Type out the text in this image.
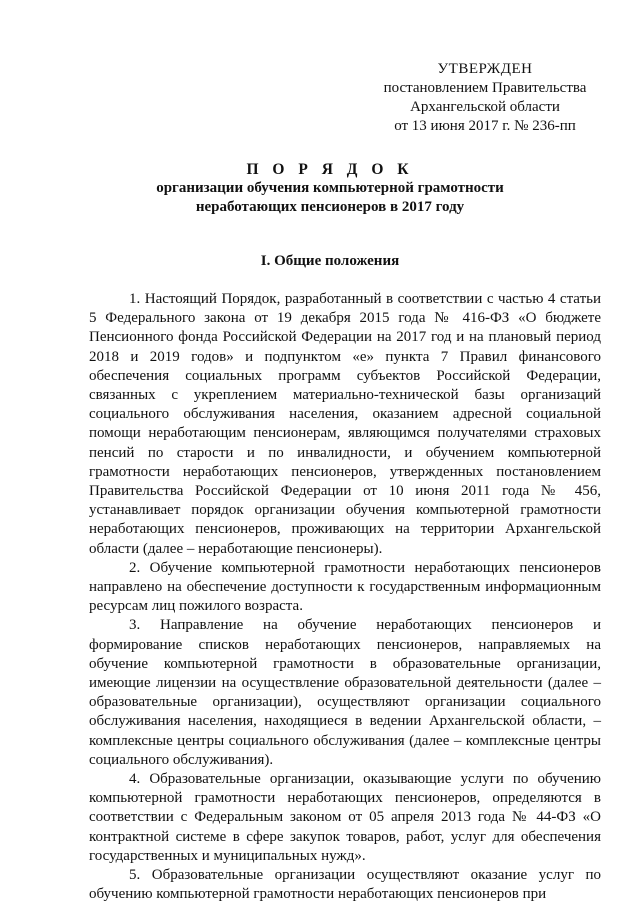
УТВЕРЖДЕН
постановлением Правительства
Архангельской области
от 13 июня 2017 г. № 236-пп
П О Р Я Д О К
организации обучения компьютерной грамотности
неработающих пенсионеров в 2017 году
I. Общие положения

1. Настоящий Порядок, разработанный в соответствии с частью 4 статьи 5 Федерального закона от 19 декабря 2015 года № 416-ФЗ «О бюджете Пенсионного фонда Российской Федерации на 2017 год и на плановый период 2018 и 2019 годов» и подпунктом «е» пункта 7 Правил финансового обеспечения социальных программ субъектов Российской Федерации, связанных с укреплением материально-технической базы организаций социального обслуживания населения, оказанием адресной социальной помощи неработающим пенсионерам, являющимся получателями страховых пенсий по старости и по инвалидности, и обучением компьютерной грамотности неработающих пенсионеров, утвержденных постановлением Правительства Российской Федерации от 10 июня 2011 года № 456, устанавливает порядок организации обучения компьютерной грамотности неработающих пенсионеров, проживающих на территории Архангельской области (далее – неработающие пенсионеры).

2. Обучение компьютерной грамотности неработающих пенсионеров направлено на обеспечение доступности к государственным информационным ресурсам лиц пожилого возраста.

3. Направление на обучение неработающих пенсионеров и формирование списков неработающих пенсионеров, направляемых на обучение компьютерной грамотности в образовательные организации, имеющие лицензии на осуществление образовательной деятельности (далее – образовательные организации), осуществляют организации социального обслуживания населения, находящиеся в ведении Архангельской области, – комплексные центры социального обслуживания (далее – комплексные центры социального обслуживания).

4. Образовательные организации, оказывающие услуги по обучению компьютерной грамотности неработающих пенсионеров, определяются в соответствии с Федеральным законом от 05 апреля 2013 года № 44-ФЗ «О контрактной системе в сфере закупок товаров, работ, услуг для обеспечения государственных и муниципальных нужд».

5. Образовательные организации осуществляют оказание услуг по обучению компьютерной грамотности неработающих пенсионеров при
